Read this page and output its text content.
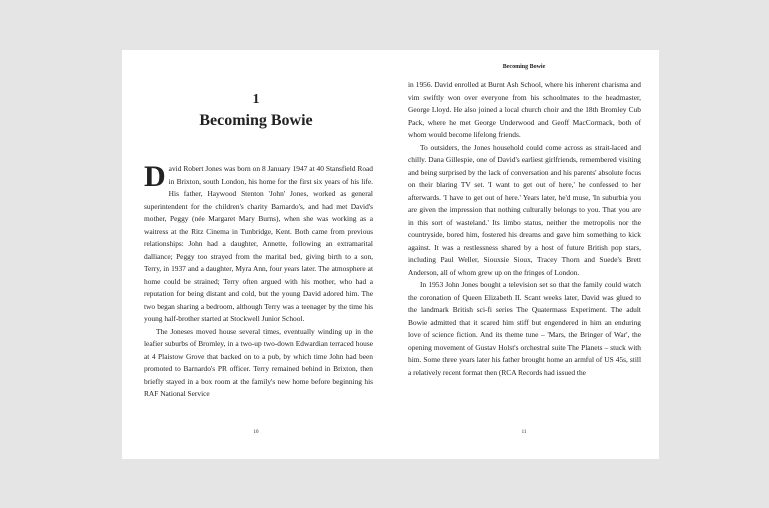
1
Becoming Bowie

David Robert Jones was born on 8 January 1947 at 40 Stansfield Road in Brixton, south London, his home for the first six years of his life. His father, Haywood Stenton 'John' Jones, worked as general superintendent for the children's charity Barnardo's, and had met David's mother, Peggy (née Margaret Mary Burns), when she was working as a waitress at the Ritz Cinema in Tunbridge, Kent. Both came from previous relationships: John had a daughter, Annette, following an extramarital dalliance; Peggy too strayed from the marital bed, giving birth to a son, Terry, in 1937 and a daughter, Myra Ann, four years later. The atmosphere at home could be strained; Terry often argued with his mother, who had a reputation for being distant and cold, but the young David adored him. The two began sharing a bedroom, although Terry was a teenager by the time his young half-brother started at Stockwell Junior School.

The Joneses moved house several times, eventually winding up in the leafier suburbs of Bromley, in a two-up two-down Edwardian terraced house at 4 Plaistow Grove that backed on to a pub, by which time John had been promoted to Barnardo's PR officer. Terry remained behind in Brixton, then briefly stayed in a box room at the family's new home before beginning his RAF National Service

10
Becoming Bowie

in 1956. David enrolled at Burnt Ash School, where his inherent charisma and vim swiftly won over everyone from his schoolmates to the headmaster, George Lloyd. He also joined a local church choir and the 18th Bromley Cub Pack, where he met George Underwood and Geoff MacCormack, both of whom would become lifelong friends.

To outsiders, the Jones household could come across as strait-laced and chilly. Dana Gillespie, one of David's earliest girlfriends, remembered visiting and being surprised by the lack of conversation and his parents' absolute focus on their blaring TV set. 'I want to get out of here,' he confessed to her afterwards. 'I have to get out of here.' Years later, he'd muse, 'In suburbia you are given the impression that nothing culturally belongs to you. That you are in this sort of wasteland.' Its limbo status, neither the metropolis nor the countryside, bored him, fostered his dreams and gave him something to kick against. It was a restlessness shared by a host of future British pop stars, including Paul Weller, Siouxsie Sioux, Tracey Thorn and Suede's Brett Anderson, all of whom grew up on the fringes of London.

In 1953 John Jones bought a television set so that the family could watch the coronation of Queen Elizabeth II. Scant weeks later, David was glued to the landmark British sci-fi series The Quatermass Experiment. The adult Bowie admitted that it scared him stiff but engendered in him an enduring love of science fiction. And its theme tune – 'Mars, the Bringer of War', the opening movement of Gustav Holst's orchestral suite The Planets – stuck with him. Some three years later his father brought home an armful of US 45s, still a relatively recent format then (RCA Records had issued the

11
